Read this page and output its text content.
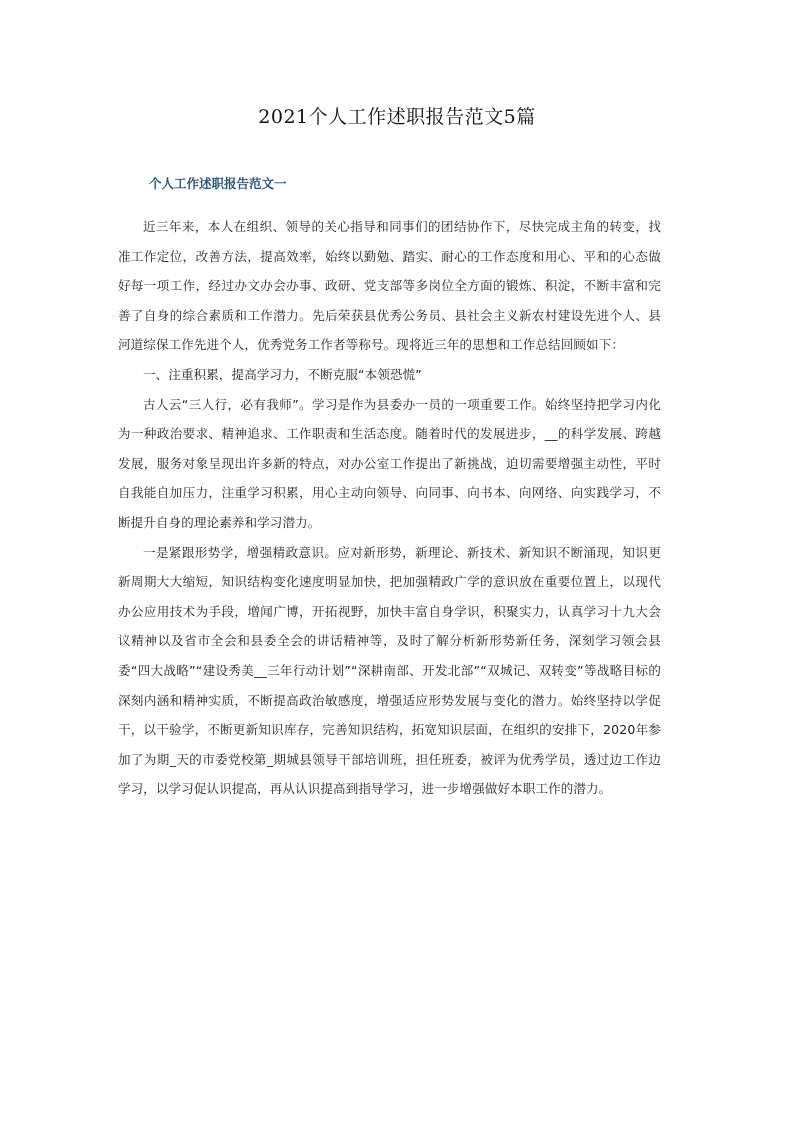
2021个人工作述职报告范文5篇
个人工作述职报告范文一

近三年来，本人在组织、领导的关心指导和同事们的团结协作下，尽快完成主角的转变，找准工作定位，改善方法，提高效率，始终以勤勉、踏实、耐心的工作态度和用心、平和的心态做好每一项工作，经过办文办会办事、政研、党支部等多岗位全方面的锻炼、积淀，不断丰富和完善了自身的综合素质和工作潜力。先后荣获县优秀公务员、县社会主义新农村建设先进个人、县河道综保工作先进个人，优秀党务工作者等称号。现将近三年的思想和工作总结回顾如下：

一、注重积累，提高学习力，不断克服“本领恐慌”

古人云“三人行，必有我师”。学习是作为县委办一员的一项重要工作。始终坚持把学习内化为一种政治要求、精神追求、工作职责和生活态度。随着时代的发展进步，__的科学发展、跨越发展，服务对象呈现出许多新的特点，对办公室工作提出了新挑战，迫切需要增强主动性，平时自我能自加压力，注重学习积累，用心主动向领导、向同事、向书本、向网络、向实践学习，不断提升自身的理论素养和学习潜力。

一是紧跟形势学，增强精政意识。应对新形势，新理论、新技术、新知识不断涌现，知识更新周期大大缩短，知识结构变化速度明显加快，把加强精政广学的意识放在重要位置上，以现代办公应用技术为手段，增闻广博，开拓视野，加快丰富自身学识，积聚实力，认真学习十九大会议精神以及省市全会和县委全会的讲话精神等，及时了解分析新形势新任务，深刻学习领会县委“四大战略”“建设秀美__三年行动计划”“深耕南部、开发北部”“双城记、双转变”等战略目标的深刻内涵和精神实质，不断提高政治敏感度，增强适应形势发展与变化的潜力。始终坚持以学促干，以干验学，不断更新知识库存，完善知识结构，拓宽知识层面，在组织的安排下，2020年参加了为期_天的市委党校第_期城县领导干部培训班，担任班委，被评为优秀学员，透过边工作边学习，以学习促认识提高，再从认识提高到指导学习，进一步增强做好本职工作的潜力。
